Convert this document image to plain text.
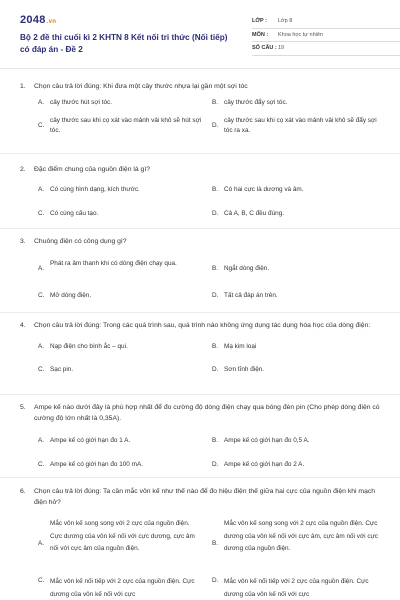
2048.vn
Bộ 2 đề thi cuối kì 2 KHTN 8 Kết nối tri thức (Nối tiếp) có đáp án - Đề 2
LỚP : Lớp 8
MÔN : Khoa học tự nhiên
SỐ CÂU : 19
1. Chọn câu trả lời đúng: Khi đưa một cây thước nhựa lại gần một sợi tóc
A. cây thước hút sợi tóc.	B. cây thước đẩy sợi tóc.
C.
cây thước sau khi cọ xát vào mảnh vải khô sẽ hút sợi tóc.
D.
cây thước sau khi cọ xát vào mảnh vải khô sẽ đẩy sợi tóc ra xa.
2. Đặc điểm chung của nguồn điện là gì?
A. Có cùng hình dạng, kích thước.	B. Có hai cực là dương và âm.
C. Có cùng cấu tạo.	D. Cả A, B, C đều đúng.
3. Chuông điện có công dụng gì?
A.
Phát ra âm thanh khi có dòng điện chạy qua.
B. Ngắt dòng điện.
C. Mở dòng điện.	D. Tất cả đáp án trên.
4. Chọn câu trả lời đúng: Trong các quá trình sau, quá trình nào không ứng dụng tác dụng hóa học của dòng điện:
A. Nạp điện cho bình ắc – qui.	B. Mạ kim loại
C. Sạc pin.	D. Sơn tĩnh điện.
5. Ampe kế nào dưới đây là phù hợp nhất để đo cường độ dòng điện chạy qua bóng đèn pin (Cho phép dòng điện có cường độ lớn nhất là 0,35A).
A. Ampe kế có giới hạn đo 1 A.	B. Ampe kế có giới hạn đo 0,5 A.
C. Ampe kế có giới hạn đo 100 mA.	D. Ampe kế có giới hạn đo 2 A.
6. Chọn câu trả lời đúng: Ta cần mắc vôn kế như thế nào để đo hiệu điện thế giữa hai cực của nguồn điện khi mạch điện hở?
A.
Mắc vôn kế song song với 2 cực của nguồn điện. Cực dương của vôn kế nối với cực dương, cực âm nối với cực âm của nguồn điện.
B.
Mắc vôn kế song song với 2 cực của nguồn điện. Cực dương của vôn kế nối với cực âm, cực âm nối với cực dương của nguồn điện.
C. Mắc vôn kế nối tiếp với 2 cực của nguồn điện. Cực dương của vôn kế nối với cực
D. Mắc vôn kế nối tiếp với 2 cực của nguồn điện. Cực dương của vôn kế nối với cực
